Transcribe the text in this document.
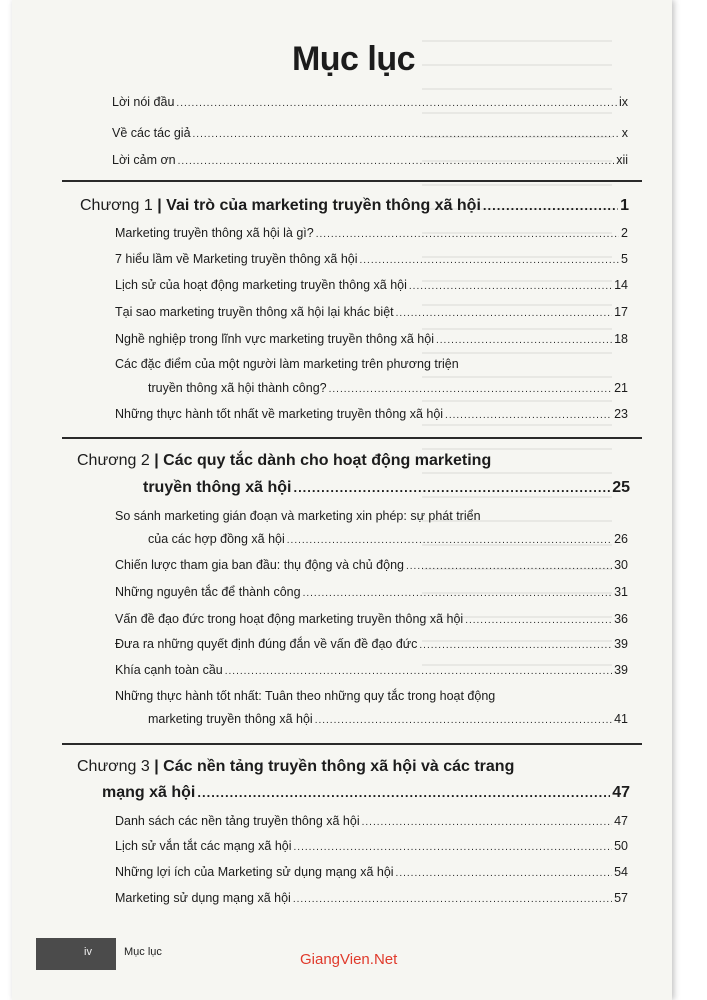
Mục lục
Lời nói đầu .....	ix
Về các tác giả .....	x
Lời cảm ơn .....	xii
Chương 1 | Vai trò của marketing truyền thông xã hội .....	1
Marketing truyền thông xã hội là gì? .....	2
7 hiểu lầm về Marketing truyền thông xã hội .....	5
Lịch sử của hoạt động marketing truyền thông xã hội .....	14
Tại sao marketing truyền thông xã hội lại khác biệt .....	17
Nghề nghiệp trong lĩnh vực marketing truyền thông xã hội .....	18
Các đặc điểm của một người làm marketing trên phương triện
truyền thông xã hội thành công? .....	21
Những thực hành tốt nhất về marketing truyền thông xã hội .....	23
Chương 2 | Các quy tắc dành cho hoạt động marketing
truyền thông xã hội .....	25
So sánh marketing gián đoạn và marketing xin phép: sự phát triển
của các hợp đồng xã hội .....	26
Chiến lược tham gia ban đầu: thụ động và chủ động .....	30
Những nguyên tắc để thành công .....	31
Vấn đề đạo đức trong hoạt động marketing truyền thông xã hội .....	36
Đưa ra những quyết định đúng đắn về vấn đề đạo đức .....	39
Khía cạnh toàn cầu .....	39
Những thực hành tốt nhất: Tuân theo những quy tắc trong hoạt động
marketing truyền thông xã hội .....	41
Chương 3 | Các nền tảng truyền thông xã hội và các trang
mạng xã hội .....	47
Danh sách các nền tảng truyền thông xã hội .....	47
Lịch sử vắn tắt các mạng xã hội .....	50
Những lợi ích của Marketing sử dụng mạng xã hội .....	54
Marketing sử dụng mạng xã hội .....	57
iv	Mục lục	GiangVien.Net
